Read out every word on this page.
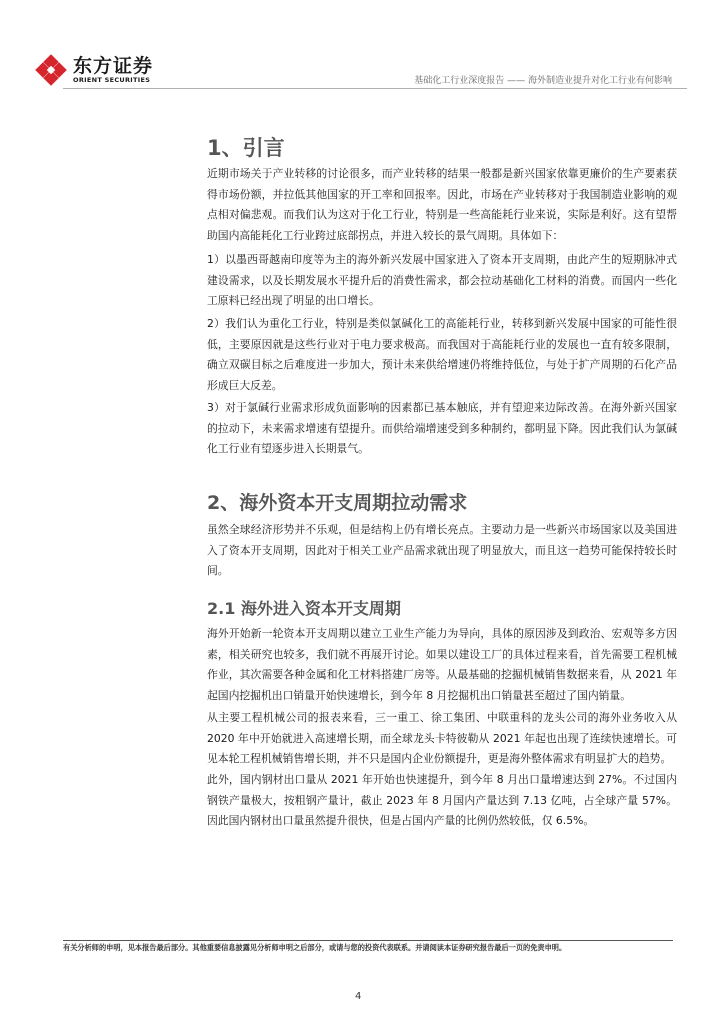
东方证券
ORIENT SECURITIES	基础化工行业深度报告 —— 海外制造业提升对化工行业有何影响
1、引言
近期市场关于产业转移的讨论很多，而产业转移的结果一般都是新兴国家依靠更廉价的生产要素获得市场份额，并拉低其他国家的开工率和回报率。因此，市场在产业转移对于我国制造业影响的观点相对偏悲观。而我们认为这对于化工行业，特别是一些高能耗行业来说，实际是利好。这有望帮助国内高能耗化工行业跨过底部拐点，并进入较长的景气周期。具体如下：
1）以墨西哥越南印度等为主的海外新兴发展中国家进入了资本开支周期，由此产生的短期脉冲式建设需求，以及长期发展水平提升后的消费性需求，都会拉动基础化工材料的消费。而国内一些化工原料已经出现了明显的出口增长。
2）我们认为重化工行业，特别是类似氯碱化工的高能耗行业，转移到新兴发展中国家的可能性很低，主要原因就是这些行业对于电力要求极高。而我国对于高能耗行业的发展也一直有较多限制，确立双碳目标之后难度进一步加大，预计未来供给增速仍将维持低位，与处于扩产周期的石化产品形成巨大反差。
3）对于氯碱行业需求形成负面影响的因素都已基本触底，并有望迎来边际改善。在海外新兴国家的拉动下，未来需求增速有望提升。而供给端增速受到多种制约，都明显下降。因此我们认为氯碱化工行业有望逐步进入长期景气。
2、海外资本开支周期拉动需求
虽然全球经济形势并不乐观，但是结构上仍有增长亮点。主要动力是一些新兴市场国家以及美国进入了资本开支周期，因此对于相关工业产品需求就出现了明显放大，而且这一趋势可能保持较长时间。
2.1 海外进入资本开支周期
海外开始新一轮资本开支周期以建立工业生产能力为导向，具体的原因涉及到政治、宏观等多方因素，相关研究也较多，我们就不再展开讨论。如果以建设工厂的具体过程来看，首先需要工程机械作业，其次需要各种金属和化工材料搭建厂房等。从最基础的挖掘机械销售数据来看，从 2021 年起国内挖掘机出口销量开始快速增长，到今年 8 月挖掘机出口销量甚至超过了国内销量。
从主要工程机械公司的报表来看，三一重工、徐工集团、中联重科的龙头公司的海外业务收入从 2020 年中开始就进入高速增长期，而全球龙头卡特彼勒从 2021 年起也出现了连续快速增长。可见本轮工程机械销售增长期，并不只是国内企业份额提升，更是海外整体需求有明显扩大的趋势。
此外，国内钢材出口量从 2021 年开始也快速提升，到今年 8 月出口量增速达到 27%。不过国内钢铁产量极大，按粗钢产量计，截止 2023 年 8 月国内产量达到 7.13 亿吨，占全球产量 57%。因此国内钢材出口量虽然提升很快，但是占国内产量的比例仍然较低，仅 6.5%。
有关分析师的申明，见本报告最后部分。其他重要信息披露见分析师申明之后部分，或请与您的投资代表联系。并请阅读本证券研究报告最后一页的免责申明。
4
